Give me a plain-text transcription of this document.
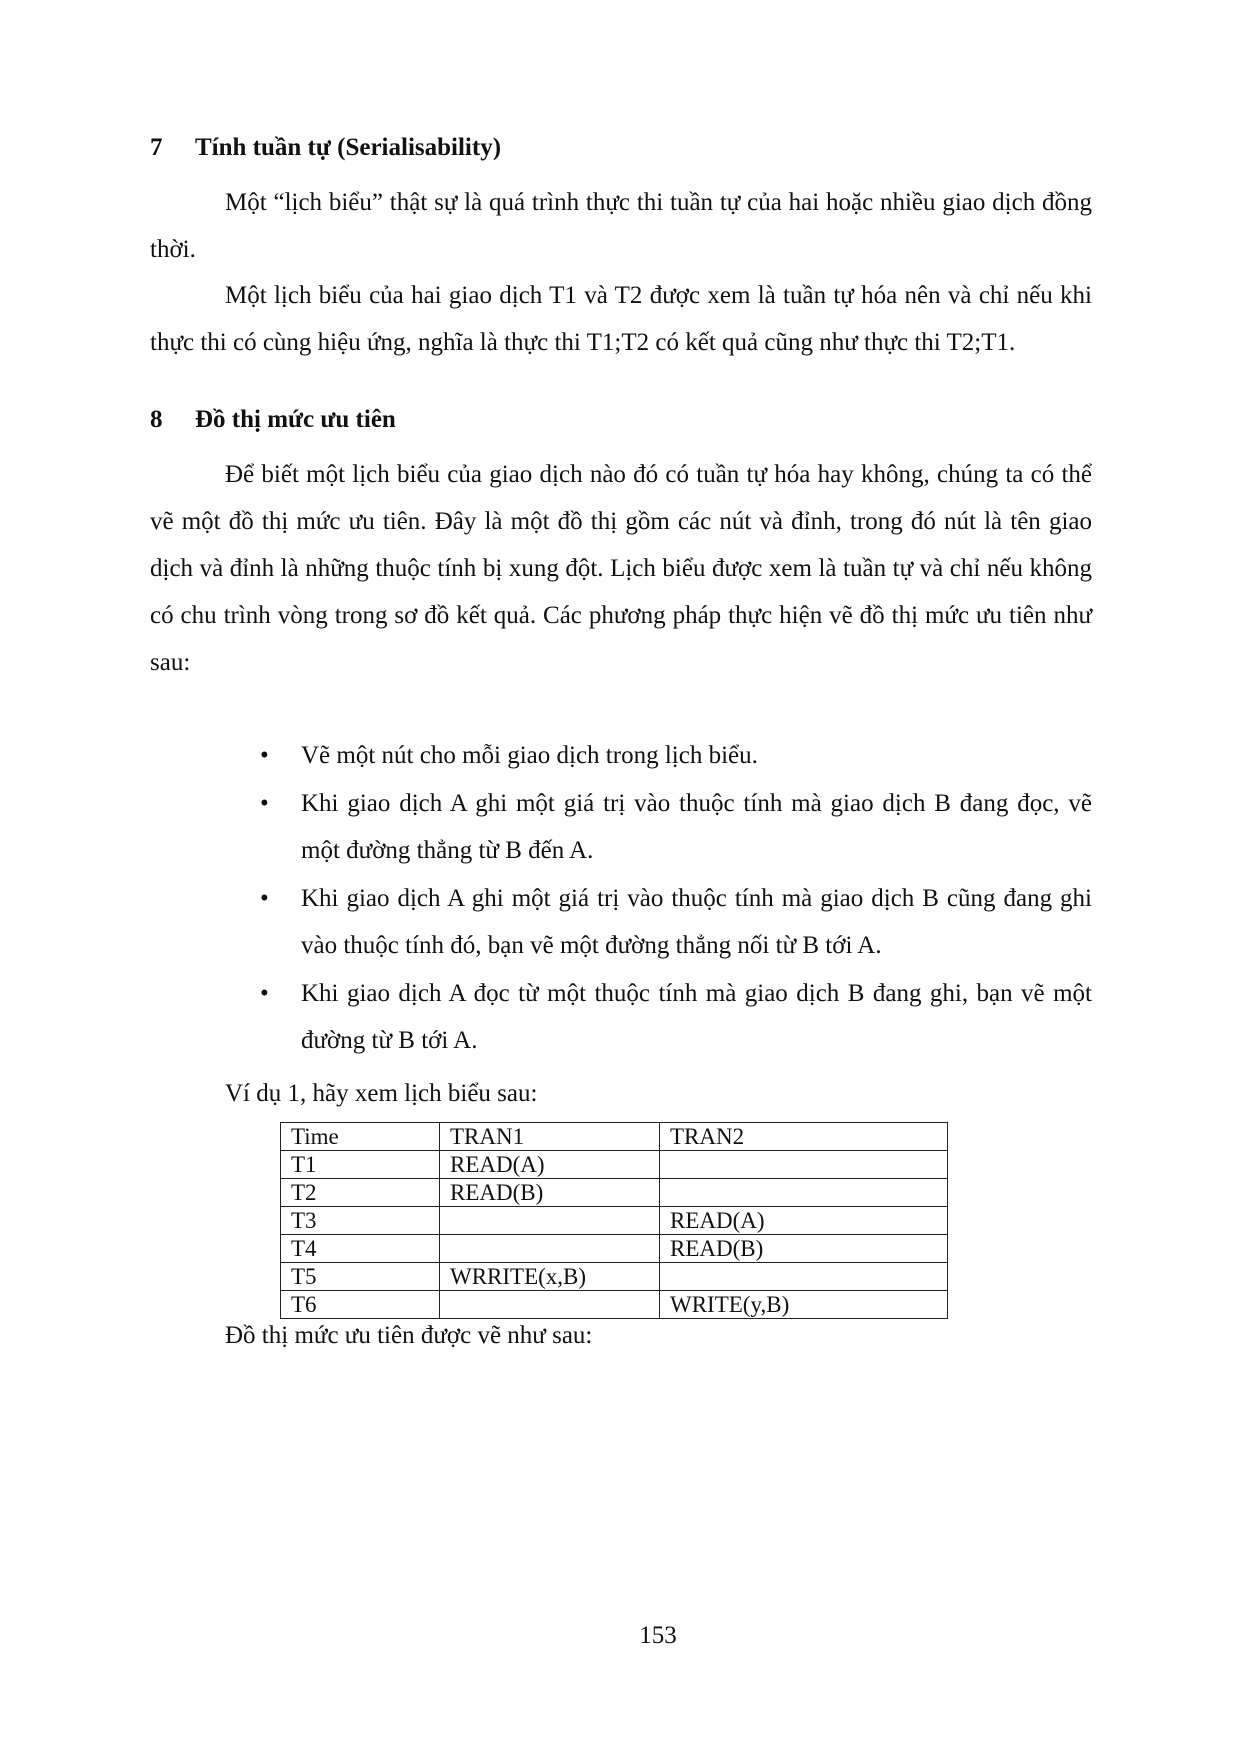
7 Tính tuần tự (Serialisability)
Một “lịch biểu” thật sự là quá trình thực thi tuần tự của hai hoặc nhiều giao dịch đồng thời.
Một lịch biểu của hai giao dịch T1 và T2 được xem là tuần tự hóa nên và chỉ nếu khi thực thi có cùng hiệu ứng, nghĩa là thực thi T1;T2 có kết quả cũng như thực thi T2;T1.
8 Đồ thị mức ưu tiên
Để biết một lịch biểu của giao dịch nào đó có tuần tự hóa hay không, chúng ta có thể vẽ một đồ thị mức ưu tiên. Đây là một đồ thị gồm các nút và đỉnh, trong đó nút là tên giao dịch và đỉnh là những thuộc tính bị xung đột. Lịch biểu được xem là tuần tự và chỉ nếu không có chu trình vòng trong sơ đồ kết quả. Các phương pháp thực hiện vẽ đồ thị mức ưu tiên như sau:
•	Vẽ một nút cho mỗi giao dịch trong lịch biểu.
•	Khi giao dịch A ghi một giá trị vào thuộc tính mà giao dịch B đang đọc, vẽ một đường thẳng từ B đến A.
•	Khi giao dịch A ghi một giá trị vào thuộc tính mà giao dịch B cũng đang ghi vào thuộc tính đó, bạn vẽ một đường thẳng nối từ B tới A.
•	Khi giao dịch A đọc từ một thuộc tính mà giao dịch B đang ghi, bạn vẽ một đường từ B tới A.
Ví dụ 1, hãy xem lịch biểu sau:
Time	TRAN1	TRAN2
T1	READ(A)	
T2	READ(B)	
T3		READ(A)
T4		READ(B)
T5	WRRITE(x,B)	
T6		WRITE(y,B)
Đồ thị mức ưu tiên được vẽ như sau:
153
